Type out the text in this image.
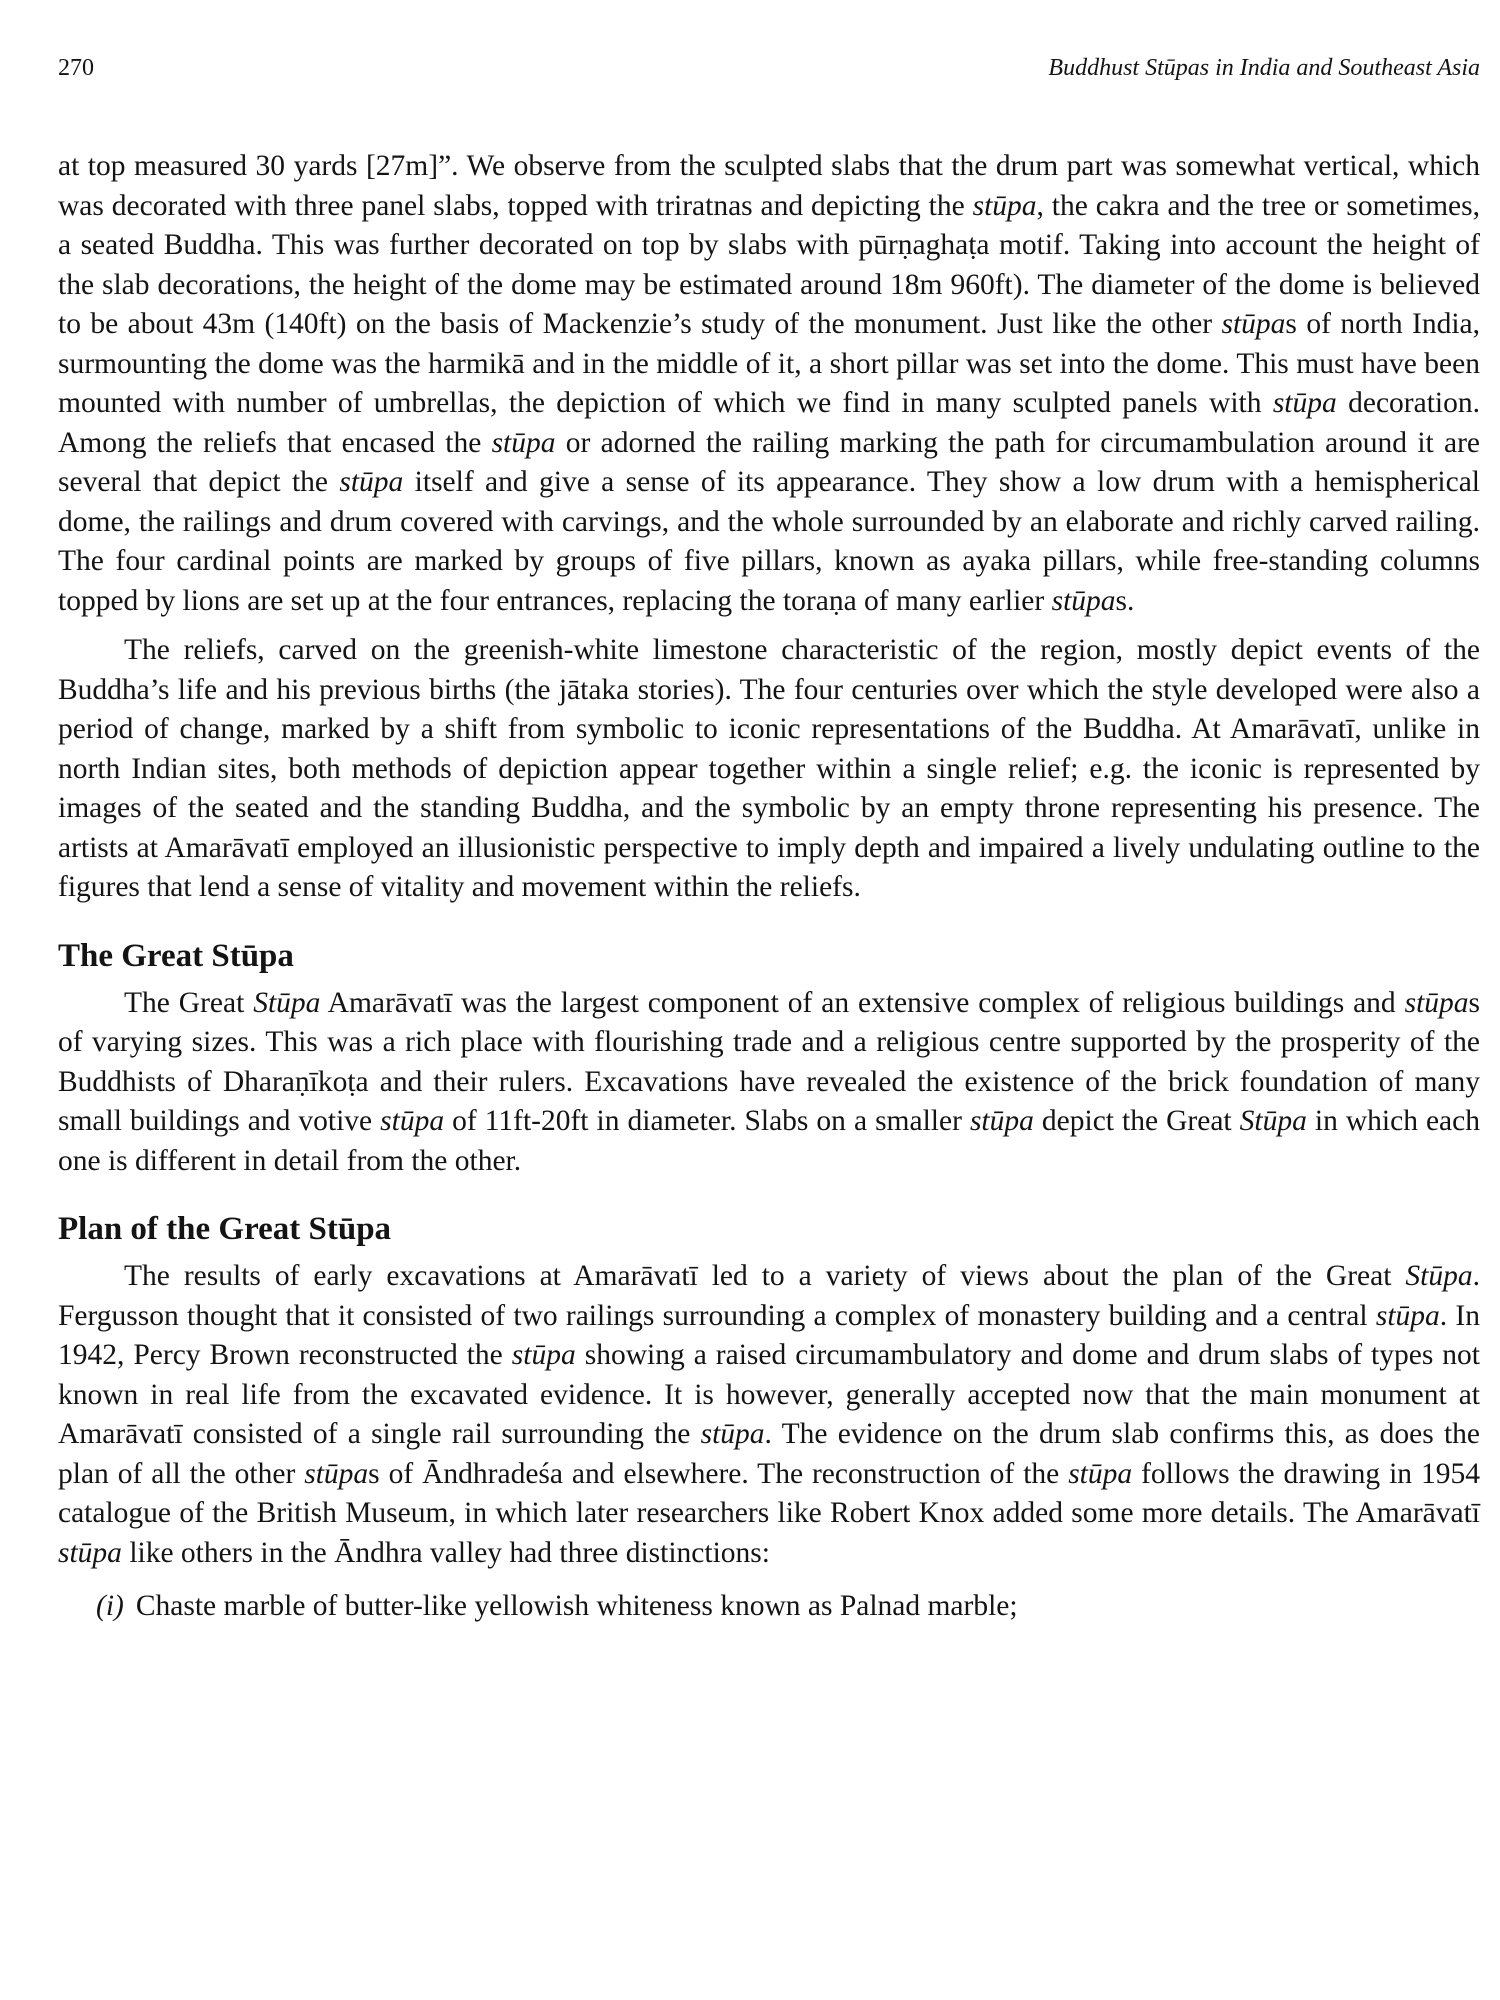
270	Buddhust Stūpas in India and Southeast Asia

at top measured 30 yards [27m]”. We observe from the sculpted slabs that the drum part was somewhat vertical, which was decorated with three panel slabs, topped with triratnas and depicting the stūpa, the cakra and the tree or sometimes, a seated Buddha. This was further decorated on top by slabs with pūrṇaghaṭa motif. Taking into account the height of the slab decorations, the height of the dome may be estimated around 18m 960ft). The diameter of the dome is believed to be about 43m (140ft) on the basis of Mackenzie’s study of the monument. Just like the other stūpas of north India, surmounting the dome was the harmikā and in the middle of it, a short pillar was set into the dome. This must have been mounted with number of umbrellas, the depiction of which we find in many sculpted panels with stūpa decoration. Among the reliefs that encased the stūpa or adorned the railing marking the path for circumambulation around it are several that depict the stūpa itself and give a sense of its appearance. They show a low drum with a hemispherical dome, the railings and drum covered with carvings, and the whole surrounded by an elaborate and richly carved railing. The four cardinal points are marked by groups of five pillars, known as ayaka pillars, while free-standing columns topped by lions are set up at the four entrances, replacing the toraṇa of many earlier stūpas.

The reliefs, carved on the greenish-white limestone characteristic of the region, mostly depict events of the Buddha’s life and his previous births (the jātaka stories). The four centuries over which the style developed were also a period of change, marked by a shift from symbolic to iconic representations of the Buddha. At Amarāvatī, unlike in north Indian sites, both methods of depiction appear together within a single relief; e.g. the iconic is represented by images of the seated and the standing Buddha, and the symbolic by an empty throne representing his presence. The artists at Amarāvatī employed an illusionistic perspective to imply depth and impaired a lively undulating outline to the figures that lend a sense of vitality and movement within the reliefs.

The Great Stūpa

The Great Stūpa Amarāvatī was the largest component of an extensive complex of religious buildings and stūpas of varying sizes. This was a rich place with flourishing trade and a religious centre supported by the prosperity of the Buddhists of Dharaṇīkoṭa and their rulers. Excavations have revealed the existence of the brick foundation of many small buildings and votive stūpa of 11ft-20ft in diameter. Slabs on a smaller stūpa depict the Great Stūpa in which each one is different in detail from the other.

Plan of the Great Stūpa

The results of early excavations at Amarāvatī led to a variety of views about the plan of the Great Stūpa. Fergusson thought that it consisted of two railings surrounding a complex of monastery building and a central stūpa. In 1942, Percy Brown reconstructed the stūpa showing a raised circumambulatory and dome and drum slabs of types not known in real life from the excavated evidence. It is however, generally accepted now that the main monument at Amarāvatī consisted of a single rail surrounding the stūpa. The evidence on the drum slab confirms this, as does the plan of all the other stūpas of Āndhradeśa and elsewhere. The reconstruction of the stūpa follows the drawing in 1954 catalogue of the British Museum, in which later researchers like Robert Knox added some more details. The Amarāvatī stūpa like others in the Āndhra valley had three distinctions:

(i) Chaste marble of butter-like yellowish whiteness known as Palnad marble;
